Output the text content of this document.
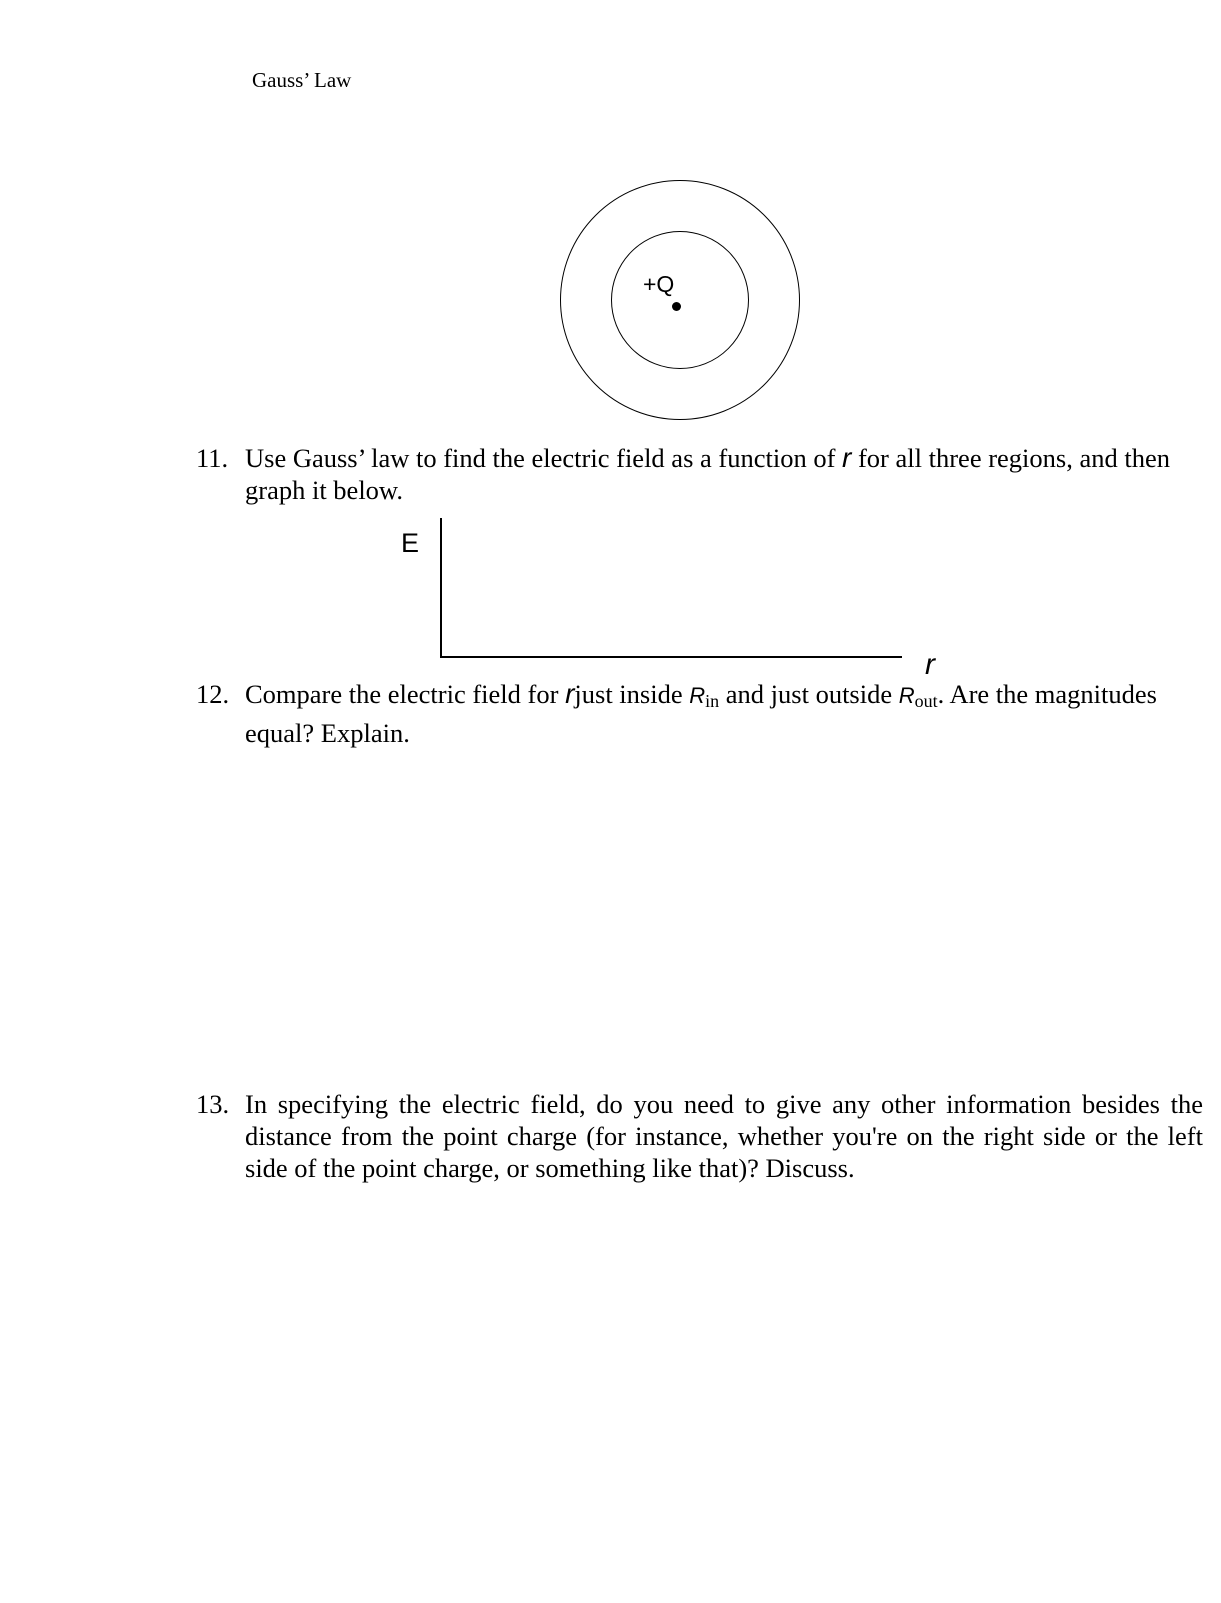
Gauss’ Law
+Q
11. Use Gauss’ law to find the electric field as a function of r for all three regions, and then graph it below.
E
r
12. Compare the electric field for rjust inside $R_{in}$ and just outside $R_{out}$. Are the magnitudes equal? Explain.
13. In specifying the electric field, do you need to give any other information besides the distance from the point charge (for instance, whether you're on the right side or the left side of the point charge, or something like that)? Discuss.
